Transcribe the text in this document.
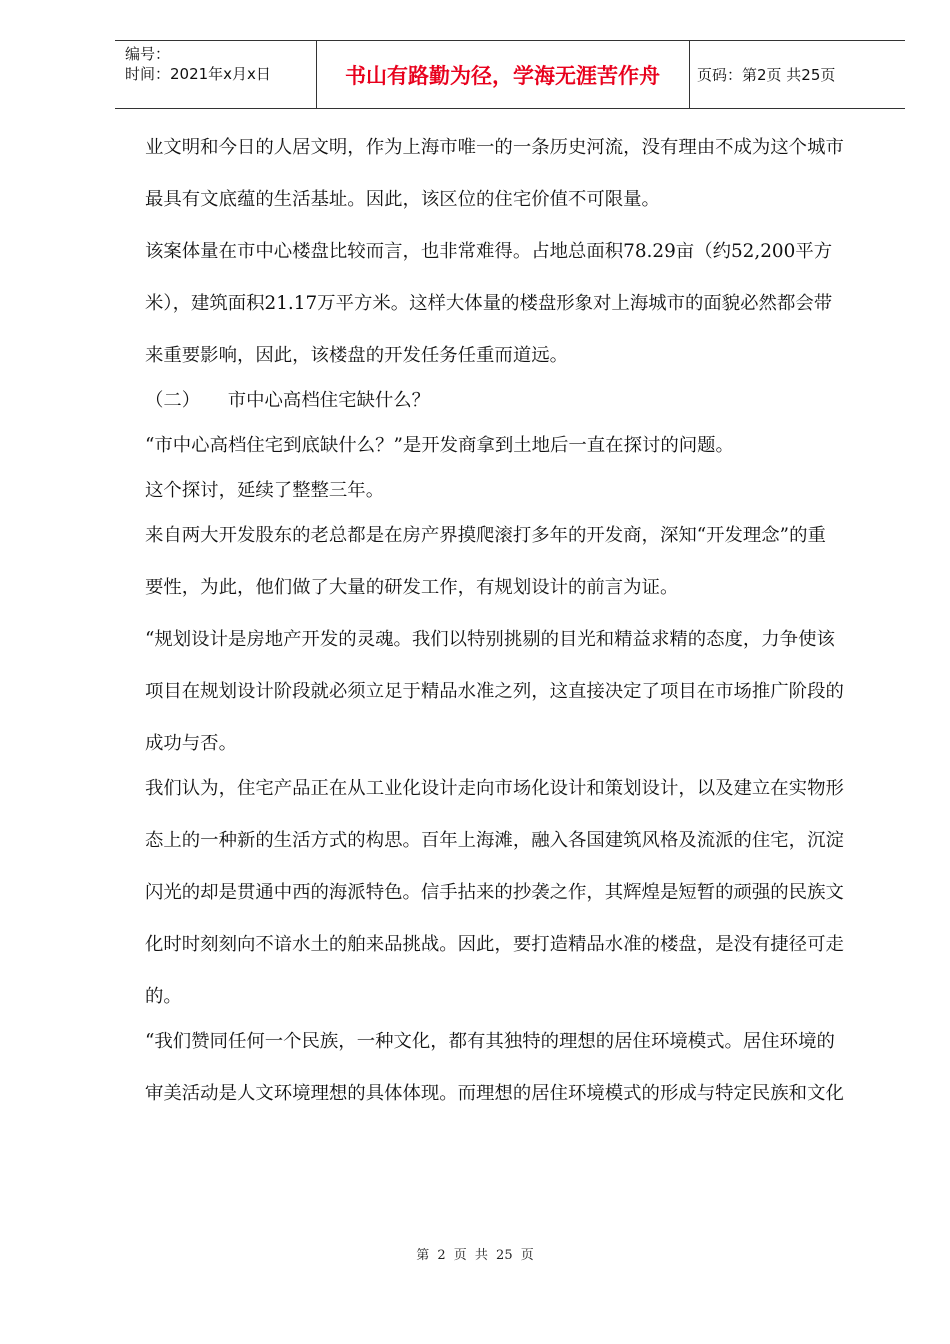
编号：
时间：2021年x月x日	书山有路勤为径，学海无涯苦作舟	页码：第2页 共25页
业文明和今日的人居文明，作为上海市唯一的一条历史河流，没有理由不成为这个城市
最具有文底蕴的生活基址。因此，该区位的住宅价值不可限量。
该案体量在市中心楼盘比较而言，也非常难得。占地总面积78.29亩（约52,200平方
米），建筑面积21.17万平方米。这样大体量的楼盘形象对上海城市的面貌必然都会带
来重要影响，因此，该楼盘的开发任务任重而道远。
（二）　　市中心高档住宅缺什么？
“市中心高档住宅到底缺什么？”是开发商拿到土地后一直在探讨的问题。
这个探讨，延续了整整三年。
来自两大开发股东的老总都是在房产界摸爬滚打多年的开发商，深知“开发理念”的重
要性，为此，他们做了大量的研发工作，有规划设计的前言为证。
“规划设计是房地产开发的灵魂。我们以特别挑剔的目光和精益求精的态度，力争使该
项目在规划设计阶段就必须立足于精品水准之列，这直接决定了项目在市场推广阶段的
成功与否。
我们认为，住宅产品正在从工业化设计走向市场化设计和策划设计，以及建立在实物形
态上的一种新的生活方式的构思。百年上海滩，融入各国建筑风格及流派的住宅，沉淀
闪光的却是贯通中西的海派特色。信手拈来的抄袭之作，其辉煌是短暂的顽强的民族文
化时时刻刻向不谙水土的舶来品挑战。因此，要打造精品水准的楼盘，是没有捷径可走
的。
“我们赞同任何一个民族，一种文化，都有其独特的理想的居住环境模式。居住环境的
审美活动是人文环境理想的具体体现。而理想的居住环境模式的形成与特定民族和文化
第 2 页 共 25 页
